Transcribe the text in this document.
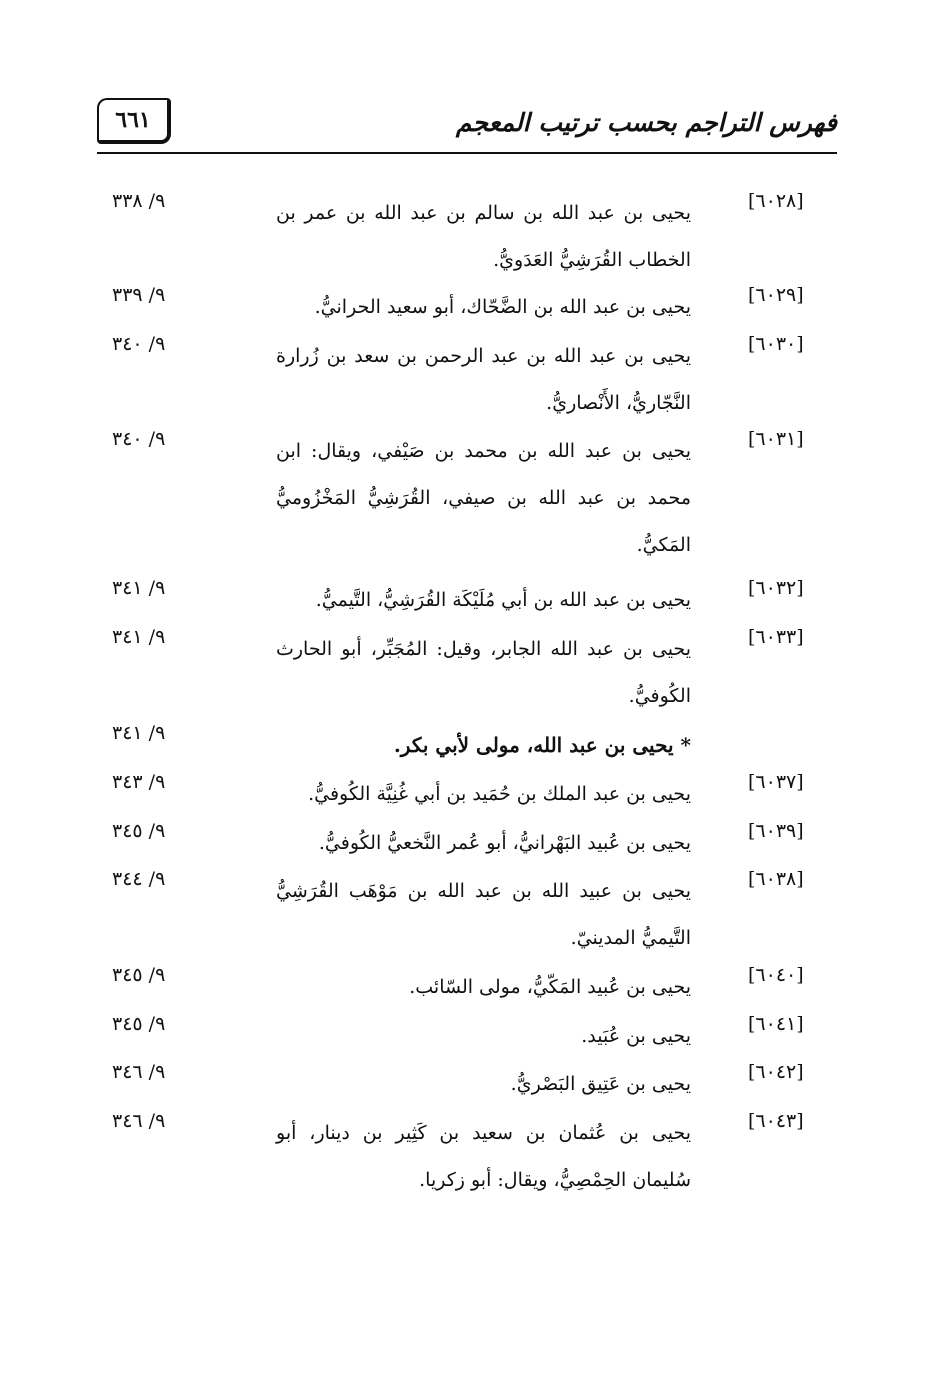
٦٦١	فهرس التراجم بحسب ترتيب المعجم
[٦٠٢٨]
٩/ ٣٣٨
يحيى بن عبد الله بن سالم بن عبد الله بن عمر بن الخطاب القُرَشِيُّ العَدَويُّ.
[٦٠٢٩]
٩/ ٣٣٩
يحيى بن عبد الله بن الضَّحّاك، أبو سعيد الحرانيُّ.
[٦٠٣٠]
٩/ ٣٤٠
يحيى بن عبد الله بن عبد الرحمن بن سعد بن زُرارة النَّجّاريُّ، الأَنْصاريُّ.
[٦٠٣١]
٩/ ٣٤٠
يحيى بن عبد الله بن محمد بن صَيْفي، ويقال: ابن محمد بن عبد الله بن صيفي، القُرَشِيُّ المَخْزُوميُّ المَكيُّ.
[٦٠٣٢]
٩/ ٣٤١
يحيى بن عبد الله بن أبي مُلَيْكَة القُرَشِيُّ، التَّيميُّ.
[٦٠٣٣]
٩/ ٣٤١
يحيى بن عبد الله الجابر، وقيل: المُجَبِّر، أبو الحارث الكُوفيُّ.
٩/ ٣٤١	* يحيى بن عبد الله، مولى لأبي بكر.
[٦٠٣٧]
٩/ ٣٤٣
يحيى بن عبد الملك بن حُمَيد بن أبي غُنِيَّة الكُوفيُّ.
[٦٠٣٩]
٩/ ٣٤٥
يحيى بن عُبيد البَهْرانيُّ، أبو عُمر النَّخعيُّ الكُوفيُّ.
[٦٠٣٨]
٩/ ٣٤٤
يحيى بن عبيد الله بن عبد الله بن مَوْهَب القُرَشِيُّ التَّيميُّ المدينيّ.
[٦٠٤٠]
٩/ ٣٤٥
يحيى بن عُبيد المَكّيُّ، مولى السّائب.
[٦٠٤١]
٩/ ٣٤٥
يحيى بن عُبَيد.
[٦٠٤٢]
٩/ ٣٤٦
يحيى بن عَتِيق البَصْريُّ.
[٦٠٤٣]
٩/ ٣٤٦
يحيى بن عُثمان بن سعيد بن كَثِير بن دينار، أبو سُليمان الحِمْصِيُّ، ويقال: أبو زكريا.
